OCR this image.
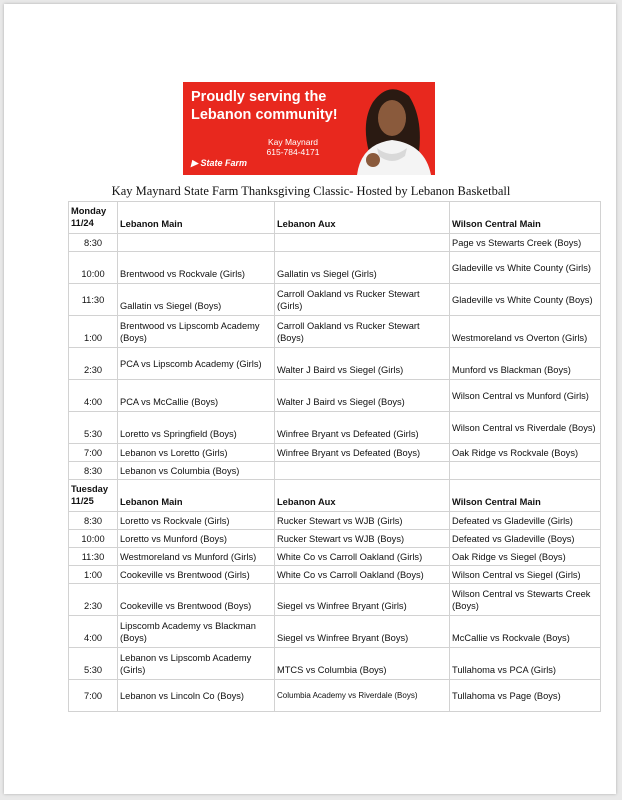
Proudly serving the Lebanon community!

Kay Maynard
615-784-4171
▶ State Farm
Kay Maynard State Farm Thanksgiving Classic- Hosted by Lebanon Basketball
Monday
11/24	Lebanon Main	Lebanon Aux	Wilson Central Main
8:30			Page vs Stewarts Creek (Boys)
10:00	Brentwood vs Rockvale (Girls)	Gallatin vs Siegel (Girls)	Gladeville vs White County (Girls)
11:30	Gallatin vs Siegel (Boys)	Carroll Oakland vs Rucker Stewart (Girls)	Gladeville vs White County (Boys)
1:00	Brentwood vs Lipscomb Academy (Boys)	Carroll Oakland vs Rucker Stewart (Boys)	Westmoreland vs Overton (Girls)
2:30	PCA vs Lipscomb Academy (Girls)	Walter J Baird vs Siegel (Girls)	Munford vs Blackman (Boys)
4:00	PCA vs McCallie (Boys)	Walter J Baird vs Siegel (Boys)	Wilson Central vs Munford (Girls)
5:30	Loretto vs Springfield (Boys)	Winfree Bryant vs Defeated (Girls)	Wilson Central vs Riverdale (Boys)
7:00	Lebanon vs Loretto (Girls)	Winfree Bryant vs Defeated (Boys)	Oak Ridge vs Rockvale (Boys)
8:30	Lebanon vs Columbia (Boys)		

Tuesday
11/25	Lebanon Main	Lebanon Aux	Wilson Central Main
8:30	Loretto vs Rockvale (Girls)	Rucker Stewart vs WJB (Girls)	Defeated vs Gladeville (Girls)
10:00	Loretto vs Munford (Boys)	Rucker Stewart vs WJB (Boys)	Defeated vs Gladeville (Boys)
11:30	Westmoreland vs Munford (Girls)	White Co vs Carroll Oakland (Girls)	Oak Ridge vs Siegel (Boys)
1:00	Cookeville vs Brentwood (Girls)	White Co vs Carroll Oakland (Boys)	Wilson Central vs Siegel (Girls)
2:30	Cookeville vs Brentwood (Boys)	Siegel vs Winfree Bryant (Girls)	Wilson Central vs Stewarts Creek (Boys)
4:00	Lipscomb Academy vs Blackman (Boys)	Siegel vs Winfree Bryant (Boys)	McCallie vs Rockvale (Boys)
5:30	Lebanon vs Lipscomb Academy (Girls)	MTCS vs Columbia (Boys)	Tullahoma vs PCA (Girls)
7:00	Lebanon vs Lincoln Co (Boys)	Columbia Academy vs Riverdale (Boys)	Tullahoma vs Page (Boys)
